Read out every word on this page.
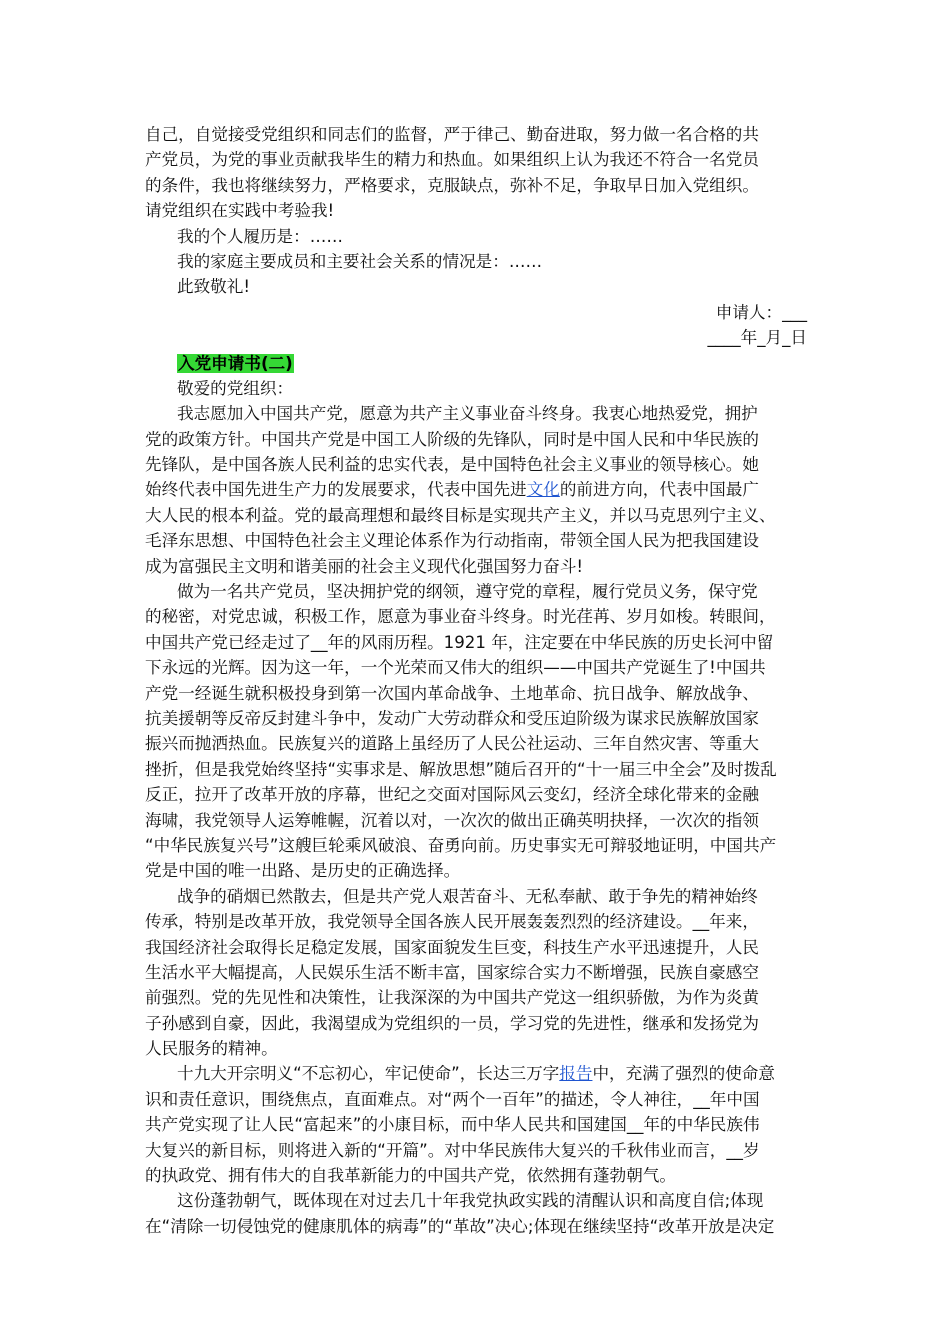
自己，自觉接受党组织和同志们的监督，严于律己、勤奋进取，努力做一名合格的共
产党员，为党的事业贡献我毕生的精力和热血。如果组织上认为我还不符合一名党员
的条件，我也将继续努力，严格要求，克服缺点，弥补不足，争取早日加入党组织。
请党组织在实践中考验我!
我的个人履历是：……
我的家庭主要成员和主要社会关系的情况是：……
此致敬礼!
申请人：___
____年_月_日
入党申请书(二)
敬爱的党组织：
我志愿加入中国共产党，愿意为共产主义事业奋斗终身。我衷心地热爱党，拥护
党的政策方针。中国共产党是中国工人阶级的先锋队，同时是中国人民和中华民族的
先锋队，是中国各族人民利益的忠实代表，是中国特色社会主义事业的领导核心。她
始终代表中国先进生产力的发展要求，代表中国先进文化的前进方向，代表中国最广
大人民的根本利益。党的最高理想和最终目标是实现共产主义，并以马克思列宁主义、
毛泽东思想、中国特色社会主义理论体系作为行动指南，带领全国人民为把我国建设
成为富强民主文明和谐美丽的社会主义现代化强国努力奋斗!
做为一名共产党员，坚决拥护党的纲领，遵守党的章程，履行党员义务，保守党
的秘密，对党忠诚，积极工作，愿意为事业奋斗终身。时光荏苒、岁月如梭。转眼间，
中国共产党已经走过了__年的风雨历程。1921 年，注定要在中华民族的历史长河中留
下永远的光辉。因为这一年，一个光荣而又伟大的组织——中国共产党诞生了!中国共
产党一经诞生就积极投身到第一次国内革命战争、土地革命、抗日战争、解放战争、
抗美援朝等反帝反封建斗争中，发动广大劳动群众和受压迫阶级为谋求民族解放国家
振兴而抛洒热血。民族复兴的道路上虽经历了人民公社运动、三年自然灾害、等重大
挫折，但是我党始终坚持“实事求是、解放思想”随后召开的“十一届三中全会”及时拨乱
反正，拉开了改革开放的序幕，世纪之交面对国际风云变幻，经济全球化带来的金融
海啸，我党领导人运筹帷幄，沉着以对，一次次的做出正确英明抉择，一次次的指领
“中华民族复兴号”这艘巨轮乘风破浪、奋勇向前。历史事实无可辩驳地证明，中国共产
党是中国的唯一出路、是历史的正确选择。
战争的硝烟已然散去，但是共产党人艰苦奋斗、无私奉献、敢于争先的精神始终
传承，特别是改革开放，我党领导全国各族人民开展轰轰烈烈的经济建设。__年来，
我国经济社会取得长足稳定发展，国家面貌发生巨变，科技生产水平迅速提升，人民
生活水平大幅提高，人民娱乐生活不断丰富，国家综合实力不断增强，民族自豪感空
前强烈。党的先见性和决策性，让我深深的为中国共产党这一组织骄傲，为作为炎黄
子孙感到自豪，因此，我渴望成为党组织的一员，学习党的先进性，继承和发扬党为
人民服务的精神。
十九大开宗明义“不忘初心，牢记使命”，长达三万字报告中，充满了强烈的使命意
识和责任意识，围绕焦点，直面难点。对“两个一百年”的描述，令人神往，__年中国
共产党实现了让人民“富起来”的小康目标，而中华人民共和国建国__年的中华民族伟
大复兴的新目标，则将进入新的“开篇”。对中华民族伟大复兴的千秋伟业而言，__岁
的执政党、拥有伟大的自我革新能力的中国共产党，依然拥有蓬勃朝气。
这份蓬勃朝气，既体现在对过去几十年我党执政实践的清醒认识和高度自信;体现
在“清除一切侵蚀党的健康肌体的病毒”的“革故”决心;体现在继续坚持“改革开放是决定
